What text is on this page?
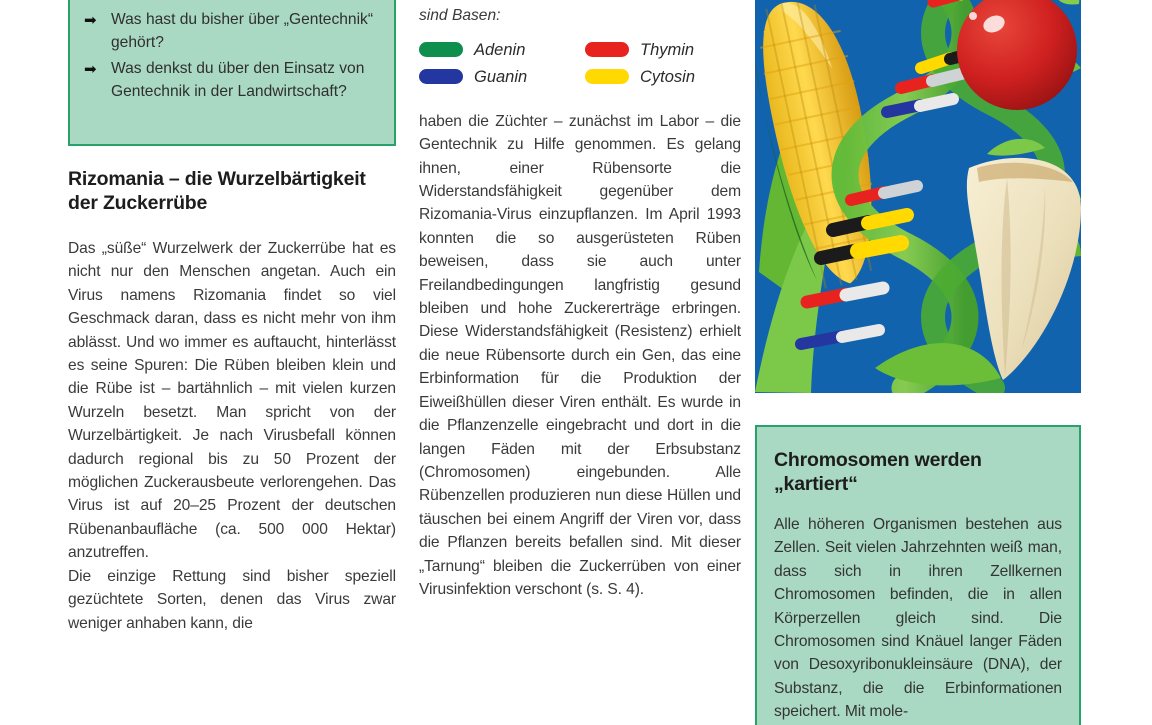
➡ Was hast du bisher über „Gentechnik“ gehört?
➡ Was denkst du über den Einsatz von Gentechnik in der Landwirtschaft?
Rizomania – die Wurzelbärtigkeit der Zuckerrübe

Das „süße“ Wurzelwerk der Zuckerrübe hat es nicht nur den Menschen angetan. Auch ein Virus namens Rizomania findet so viel Geschmack daran, dass es nicht mehr von ihm ablässt. Und wo immer es auftaucht, hinterlässt es seine Spuren: Die Rüben bleiben klein und die Rübe ist – bartähnlich – mit vielen kurzen Wurzeln besetzt. Man spricht von der Wurzelbärtigkeit. Je nach Virusbefall können dadurch regional bis zu 50 Prozent der möglichen Zuckerausbeute verlorengehen. Das Virus ist auf 20–25 Prozent der deutschen Rübenanbaufläche (ca. 500 000 Hektar) anzutreffen.

Die einzige Rettung sind bisher speziell gezüchtete Sorten, denen das Virus zwar weniger anhaben kann, die

sind Basen:
Adenin	Thymin
Guanin	Cytosin

haben die Züchter – zunächst im Labor – die Gentechnik zu Hilfe genommen. Es gelang ihnen, einer Rübensorte die Widerstandsfähigkeit gegenüber dem Rizomania-Virus einzupflanzen. Im April 1993 konnten die so ausgerüsteten Rüben beweisen, dass sie auch unter Freilandbedingungen langfristig gesund bleiben und hohe Zuckererträge erbringen. Diese Widerstandsfähigkeit (Resistenz) erhielt die neue Rübensorte durch ein Gen, das eine Erbinformation für die Produktion der Eiweißhüllen dieser Viren enthält. Es wurde in die Pflanzenzelle eingebracht und dort in die langen Fäden mit der Erbsubstanz (Chromosomen) eingebunden. Alle Rübenzellen produzieren nun diese Hüllen und täuschen bei einem Angriff der Viren vor, dass die Pflanzen bereits befallen sind. Mit dieser „Tarnung“ bleiben die Zuckerrüben von einer Virusinfektion verschont (s. S. 4).

Chromosomen werden „kartiert“

Alle höheren Organismen bestehen aus Zellen. Seit vielen Jahrzehnten weiß man, dass sich in ihren Zellkernen Chromosomen befinden, die in allen Körperzellen gleich sind. Die Chromosomen sind Knäuel langer Fäden von Desoxyribonukleinsäure (DNA), der Substanz, die die Erbinformationen speichert. Mit mole-
